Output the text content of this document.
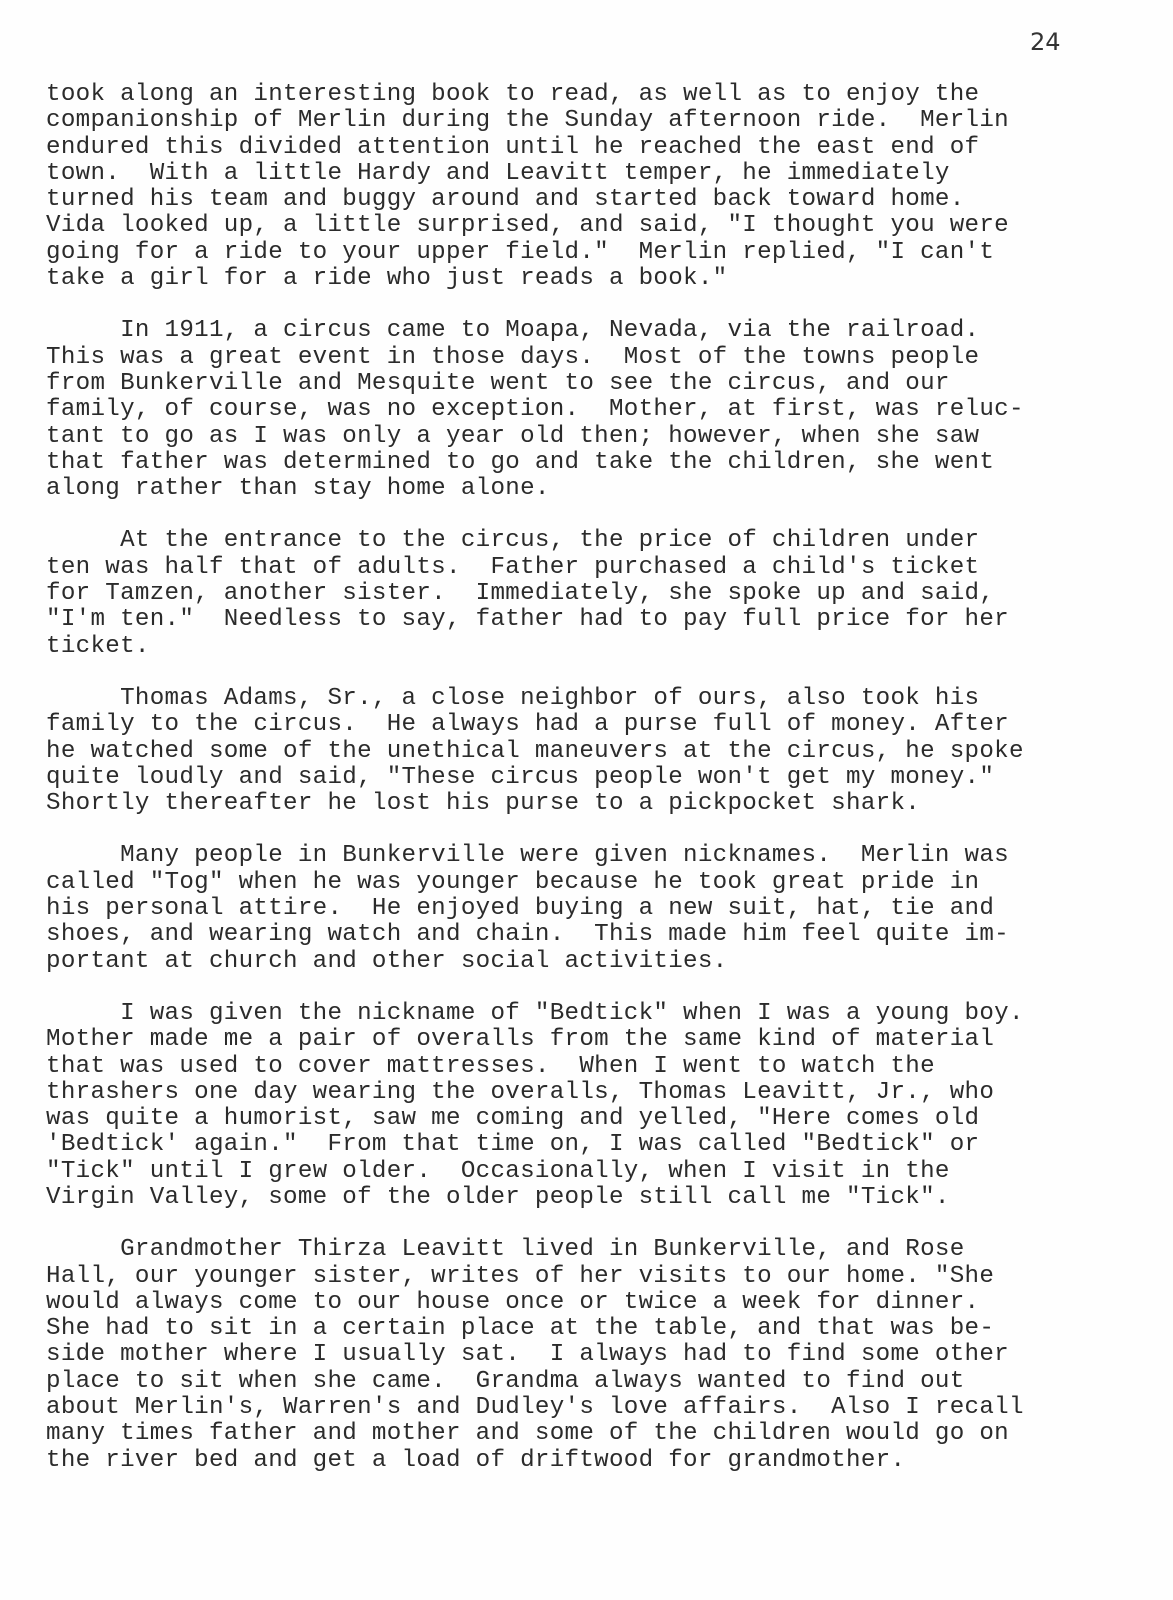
24

took along an interesting book to read, as well as to enjoy the
companionship of Merlin during the Sunday afternoon ride.  Merlin
endured this divided attention until he reached the east end of
town.  With a little Hardy and Leavitt temper, he immediately
turned his team and buggy around and started back toward home.
Vida looked up, a little surprised, and said, "I thought you were
going for a ride to your upper field."  Merlin replied, "I can't
take a girl for a ride who just reads a book."

In 1911, a circus came to Moapa, Nevada, via the railroad.
This was a great event in those days.  Most of the towns people
from Bunkerville and Mesquite went to see the circus, and our
family, of course, was no exception.  Mother, at first, was reluc-
tant to go as I was only a year old then; however, when she saw
that father was determined to go and take the children, she went
along rather than stay home alone.

At the entrance to the circus, the price of children under
ten was half that of adults.  Father purchased a child's ticket
for Tamzen, another sister.  Immediately, she spoke up and said,
"I'm ten."  Needless to say, father had to pay full price for her
ticket.

Thomas Adams, Sr., a close neighbor of ours, also took his
family to the circus.  He always had a purse full of money. After
he watched some of the unethical maneuvers at the circus, he spoke
quite loudly and said, "These circus people won't get my money."
Shortly thereafter he lost his purse to a pickpocket shark.

Many people in Bunkerville were given nicknames.  Merlin was
called "Tog" when he was younger because he took great pride in
his personal attire.  He enjoyed buying a new suit, hat, tie and
shoes, and wearing watch and chain.  This made him feel quite im-
portant at church and other social activities.

I was given the nickname of "Bedtick" when I was a young boy.
Mother made me a pair of overalls from the same kind of material
that was used to cover mattresses.  When I went to watch the
thrashers one day wearing the overalls, Thomas Leavitt, Jr., who
was quite a humorist, saw me coming and yelled, "Here comes old
'Bedtick' again."  From that time on, I was called "Bedtick" or
"Tick" until I grew older.  Occasionally, when I visit in the
Virgin Valley, some of the older people still call me "Tick".

Grandmother Thirza Leavitt lived in Bunkerville, and Rose
Hall, our younger sister, writes of her visits to our home. "She
would always come to our house once or twice a week for dinner.
She had to sit in a certain place at the table, and that was be-
side mother where I usually sat.  I always had to find some other
place to sit when she came.  Grandma always wanted to find out
about Merlin's, Warren's and Dudley's love affairs.  Also I recall
many times father and mother and some of the children would go on
the river bed and get a load of driftwood for grandmother.
